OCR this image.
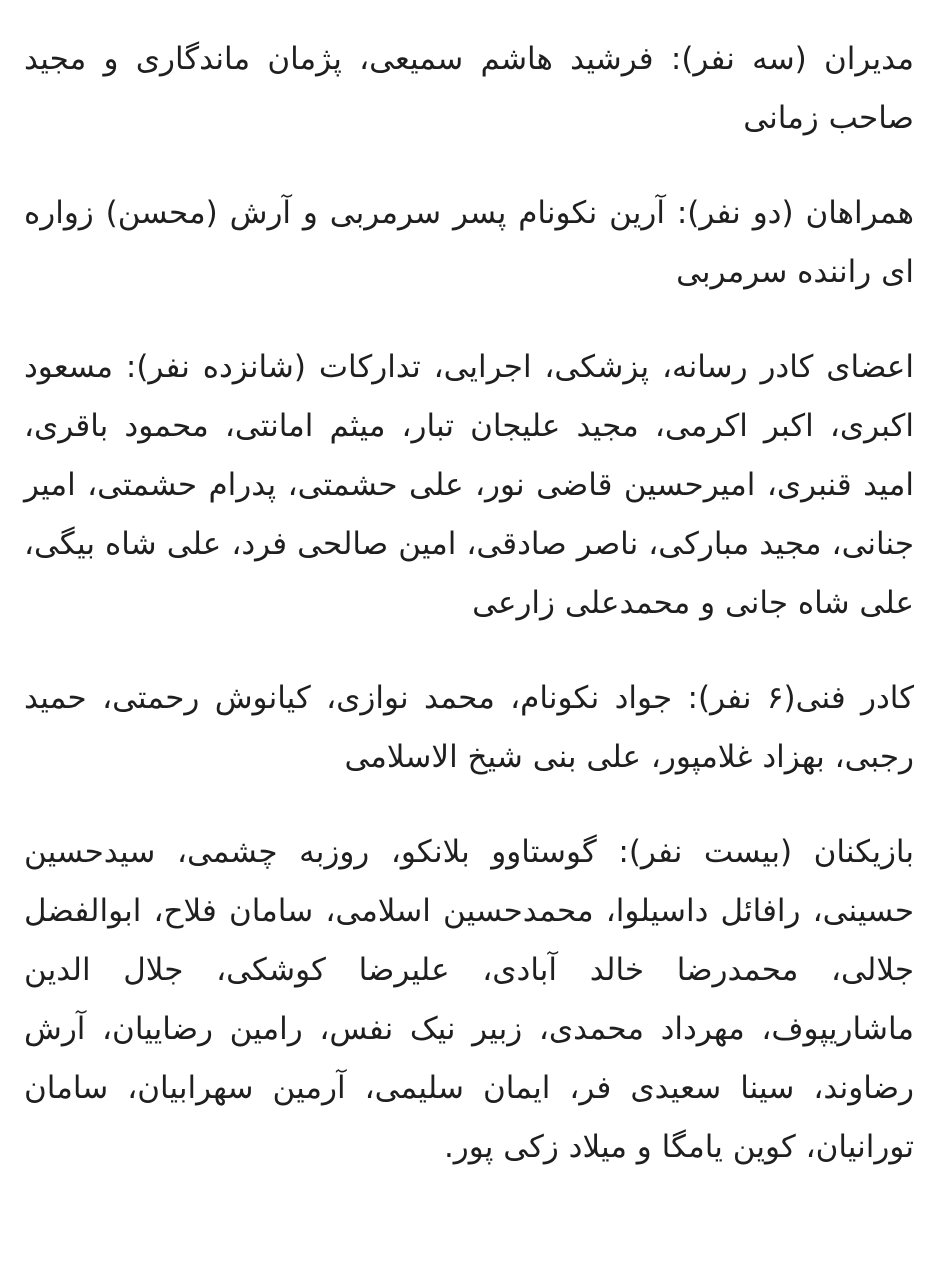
مدیران (سه نفر): فرشید هاشم سمیعی، پژمان ماندگاری و مجید صاحب زمانی

همراهان (دو نفر): آرین نکونام پسر سرمربی و آرش (محسن) زواره ای راننده سرمربی

اعضای کادر رسانه، پزشکی، اجرایی، تدارکات (شانزده نفر): مسعود اکبری، اکبر اکرمی، مجید علیجان تبار، میثم امانتی، محمود باقری، امید قنبری، امیرحسین قاضی نور، علی حشمتی، پدرام حشمتی، امیر جنانی، مجید مبارکی، ناصر صادقی، امین صالحی فرد، علی شاه بیگی، علی شاه جانی و محمدعلی زارعی

کادر فنی(۶ نفر): جواد نکونام، محمد نوازی، کیانوش رحمتی، حمید رجبی، بهزاد غلامپور، علی بنی شیخ الاسلامی

بازیکنان (بیست نفر): گوستاوو بلانکو، روزبه چشمی، سیدحسین حسینی، رافائل داسیلوا، محمدحسین اسلامی، سامان فلاح، ابوالفضل جلالی، محمدرضا خالد آبادی، علیرضا کوشکی، جلال الدین ماشاریپوف، مهرداد محمدی، زبیر نیک نفس، رامین رضاییان، آرش رضاوند، سینا سعیدی فر، ایمان سلیمی، آرمین سهرابیان، سامان تورانیان، کوین یامگا و میلاد زکی پور.
